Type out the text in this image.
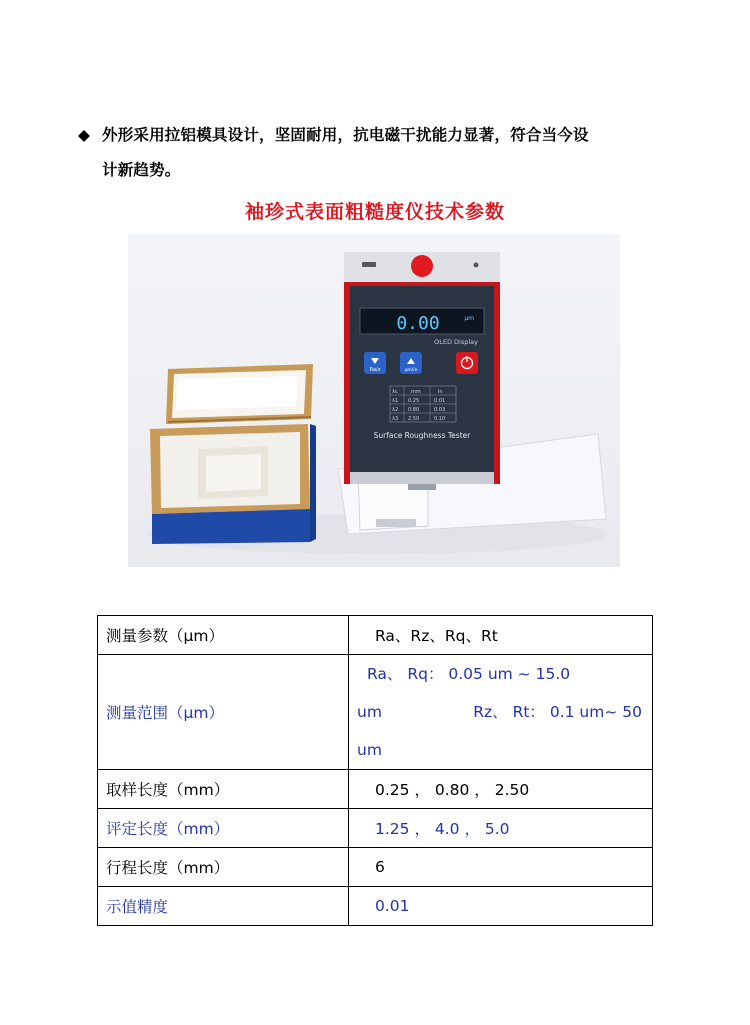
◆ 外形采用拉铝模具设计，坚固耐用，抗电磁干扰能力显著，符合当今设
计新趋势。
袖珍式表面粗糙度仪技术参数
0.00	μm
OLED Display
Ra/z	μm/in
λc	mm	in
λ1 0.25	0.01
λ2 0.80	0.03
λ3 2.50	0.10
Surface Roughness Tester
测量参数（μm）	Ra、Rz、Rq、Rt

测量范围（μm）	Ra、 Rq： 0.05 um ~ 15.0
um Rz、 Rt： 0.1 um~ 50
um

取样长度（mm）	0.25 ， 0.80 ， 2.50

评定长度（mm）	1.25 ， 4.0 ， 5.0

行程长度（mm）	6

示值精度	0.01
